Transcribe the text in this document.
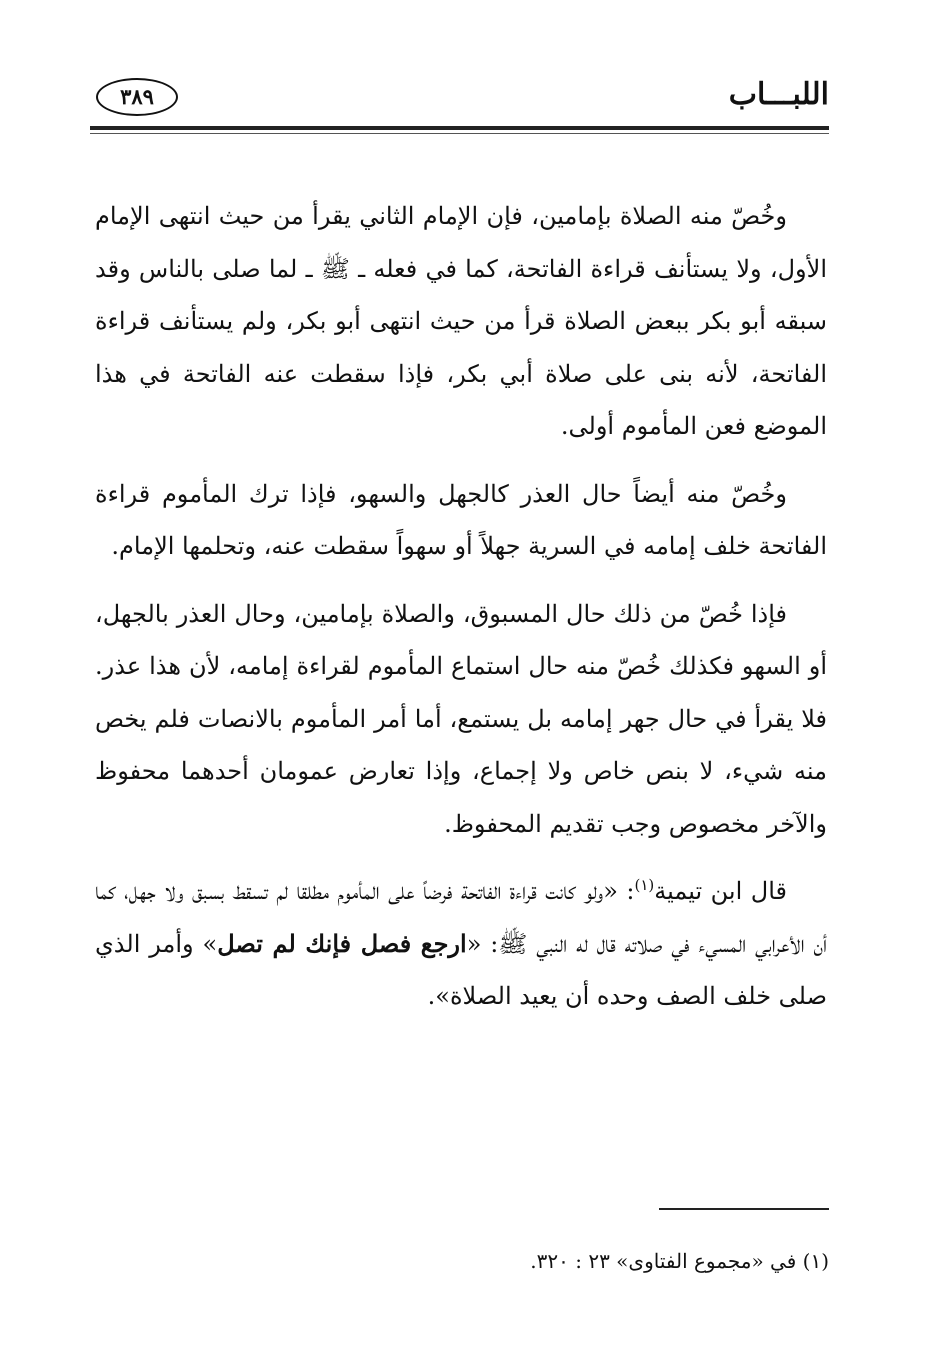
اللبـــاب
٣٨٩

وخُصّ منه الصلاة بإمامين، فإن الإمام الثاني يقرأ من حيث انتهى الإمام الأول، ولا يستأنف قراءة الفاتحة، كما في فعله ـ ﷺ ـ لما صلى بالناس وقد سبقه أبو بكر ببعض الصلاة قرأ من حيث انتهى أبو بكر، ولم يستأنف قراءة الفاتحة، لأنه بنى على صلاة أبي بكر، فإذا سقطت عنه الفاتحة في هذا الموضع فعن المأموم أولى.

وخُصّ منه أيضاً حال العذر كالجهل والسهو، فإذا ترك المأموم قراءة الفاتحة خلف إمامه في السرية جهلاً أو سهواً سقطت عنه، وتحلمها الإمام.

فإذا خُصّ من ذلك حال المسبوق، والصلاة بإمامين، وحال العذر بالجهل، أو السهو فكذلك خُصّ منه حال استماع المأموم لقراءة إمامه، لأن هذا عذر. فلا يقرأ في حال جهر إمامه بل يستمع، أما أمر المأموم بالانصات فلم يخص منه شيء، لا بنص خاص ولا إجماع، وإذا تعارض عمومان أحدهما محفوظ والآخر مخصوص وجب تقديم المحفوظ.

قال ابن تيمية$^{(١)}$: «ولو كانت قراءة الفاتحة فرضاً على المأموم مطلقا لم تسقط بسبق ولا جهل، كما أن الأعرابي المسيء في صلاته قال له النبي ﷺ: «ارجع فصل فإنك لم تصل» وأمر الذي صلى خلف الصف وحده أن يعيد الصلاة».

(١) في «مجموع الفتاوى» ٢٣ : ٣٢٠.
